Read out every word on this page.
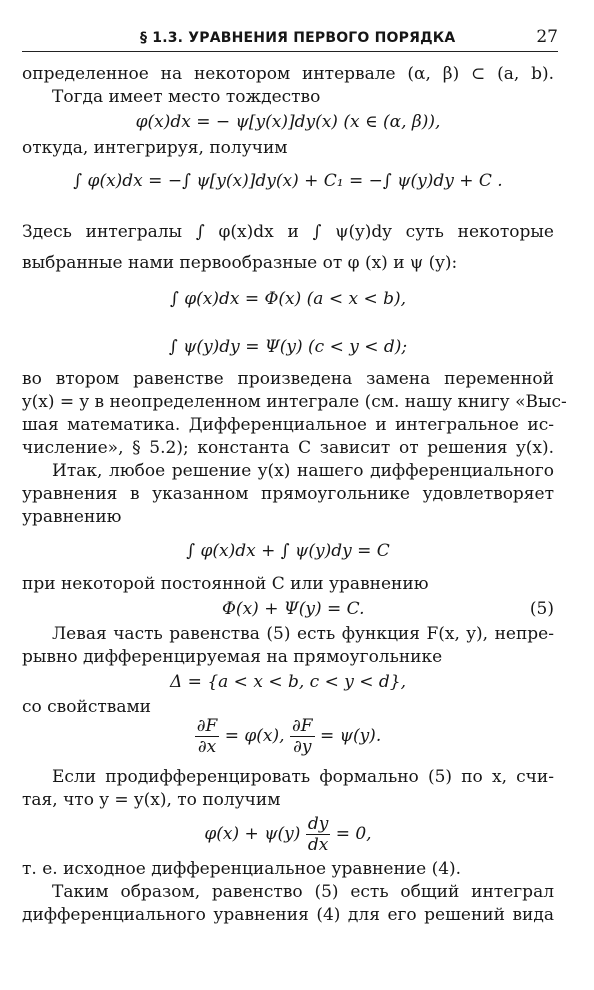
§ 1.3. УРАВНЕНИЯ ПЕРВОГО ПОРЯДКА	27
определенное на некотором интервале (α, β) ⊂ (a, b).
Тогда имеет место тождество
φ(x)dx = − ψ[y(x)]dy(x) (x ∈ (α, β)),
откуда, интегрируя, получим
∫ φ(x)dx = −∫ ψ[y(x)]dy(x) + C₁ = −∫ ψ(y)dy + C .
Здесь интегралы ∫ φ(x)dx и ∫ ψ(y)dy суть некоторые
выбранные нами первообразные от φ (x) и ψ (y):
∫ φ(x)dx = Φ(x) (a < x < b),
∫ ψ(y)dy = Ψ(y) (c < y < d);
во втором равенстве произведена замена переменной
y(x) = y в неопределенном интеграле (см. нашу книгу «Выс-
шая математика. Дифференциальное и интегральное ис-
числение», § 5.2); константа C зависит от решения y(x).
Итак, любое решение y(x) нашего дифференциального
уравнения в указанном прямоугольнике удовлетворяет
уравнению
∫ φ(x)dx + ∫ ψ(y)dy = C
при некоторой постоянной C или уравнению
Φ(x) + Ψ(y) = C.	(5)
Левая часть равенства (5) есть функция F(x, y), непре-
рывно дифференцируемая на прямоугольнике
Δ = {a < x < b, c < y < d},
со свойствами
$\frac{\partial F}{\partial x} = \varphi(x)$, $\frac{\partial F}{\partial y} = \psi(y)$.
Если продифференцировать формально (5) по x, счи-
тая, что y = y(x), то получим
$\varphi(x) + \psi(y) \frac{dy}{dx} = 0$,
т. е. исходное дифференциальное уравнение (4).
Таким образом, равенство (5) есть общий интеграл
дифференциального уравнения (4) для его решений вида
